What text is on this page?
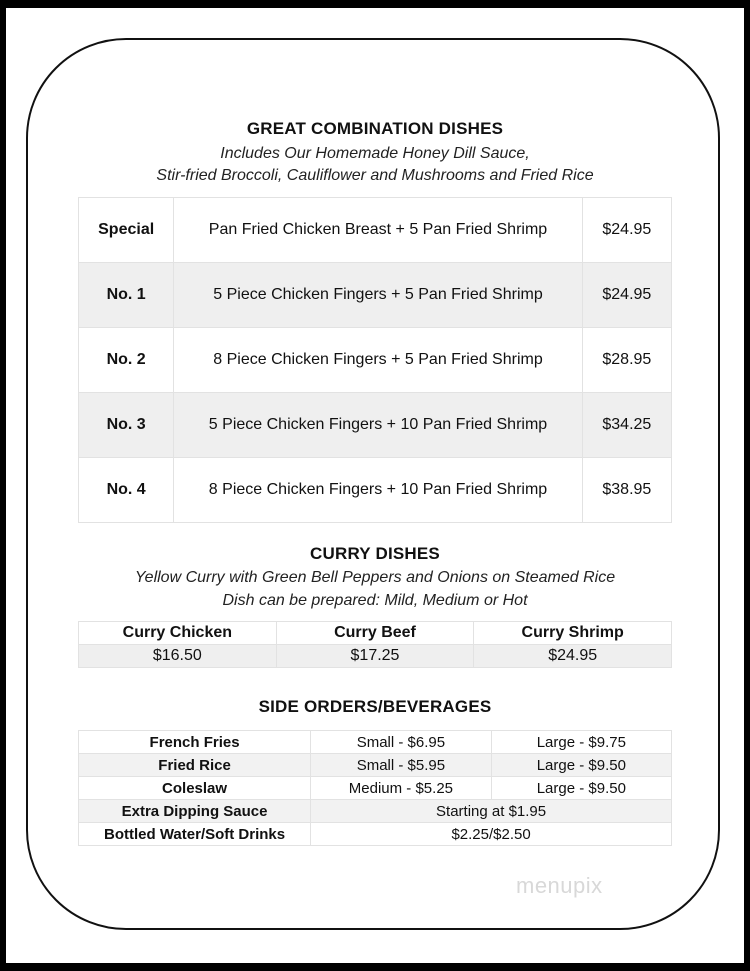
GREAT COMBINATION DISHES
Includes Our Homemade Honey Dill Sauce,
Stir-fried Broccoli, Cauliflower and Mushrooms and Fried Rice
Special	Pan Fried Chicken Breast + 5 Pan Fried Shrimp	$24.95
No. 1	5 Piece Chicken Fingers + 5 Pan Fried Shrimp	$24.95
No. 2	8 Piece Chicken Fingers + 5 Pan Fried Shrimp	$28.95
No. 3	5 Piece Chicken Fingers + 10 Pan Fried Shrimp	$34.25
No. 4	8 Piece Chicken Fingers + 10 Pan Fried Shrimp	$38.95
CURRY DISHES
Yellow Curry with Green Bell Peppers and Onions on Steamed Rice
Dish can be prepared: Mild, Medium or Hot
Curry Chicken	Curry Beef	Curry Shrimp
$16.50	$17.25	$24.95
SIDE ORDERS/BEVERAGES
French Fries	Small - $6.95	Large - $9.75
Fried Rice	Small - $5.95	Large - $9.50
Coleslaw	Medium - $5.25	Large - $9.50
Extra Dipping Sauce	Starting at $1.95	
Bottled Water/Soft Drinks	$2.25/$2.50	
menupix
